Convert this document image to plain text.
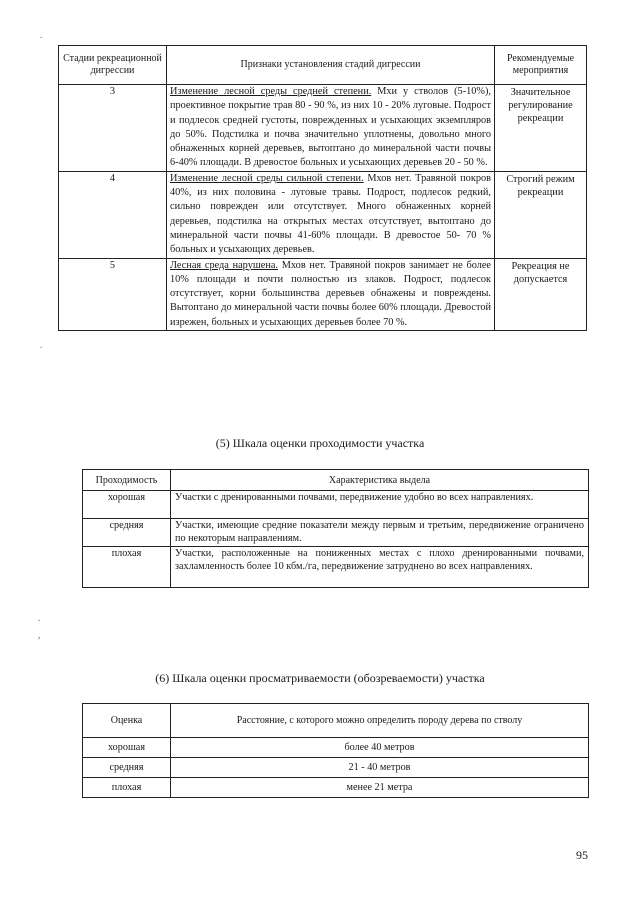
.
.
.
,
Стадии рекреационной дигрессии	Признаки установления стадий дигрессии	Рекомендуемые мероприятия
3	Изменение лесной среды средней степени. Мхи у стволов (5-10%), проективное покрытие трав 80 - 90 %, из них 10 - 20% луговые. Подрост и подлесок средней густоты, поврежденных и усыхающих экземпляров до 50%. Подстилка и почва значительно уплотнены, довольно много обнаженных корней деревьев, вытоптано до минеральной части почвы 6-40% площади. В древостое больных и усыхающих деревьев 20 - 50 %.	Значительное регулирование рекреации
4	Изменение лесной среды сильной степени. Мхов нет. Травяной покров 40%, из них половина - луговые травы. Подрост, подлесок редкий, сильно поврежден или отсутствует. Много обнаженных корней деревьев, подстилка на открытых местах отсутствует, вытоптано до минеральной части почвы 41-60% площади. В древостое 50- 70 % больных и усыхающих деревьев.	Строгий режим рекреации
5	Лесная среда нарушена. Мхов нет. Травяной покров занимает не более 10% площади и почти полностью из злаков. Подрост, подлесок отсутствует, корни большинства деревьев обнажены и повреждены. Вытоптано до минеральной части почвы более 60% площади. Древостой изрежен, больных и усыхающих деревьев более 70 %.	Рекреация не допускается
(5) Шкала оценки проходимости участка
Проходимость	Характеристика выдела
хорошая	Участки с дренированными почвами, передвижение удобно во всех направлениях.
средняя	Участки, имеющие средние показатели между первым и третьим, передвижение ограничено по некоторым направлениям.
плохая	Участки, расположенные на пониженных местах с плохо дренированными почвами, захламленность более 10 кбм./га, передвижение затруднено во всех направлениях.
(6) Шкала оценки просматриваемости (обозреваемости) участка
Оценка	Расстояние, с которого можно определить породу дерева по стволу
хорошая	более 40 метров
средняя	21 - 40 метров
плохая	менее 21 метра
95
